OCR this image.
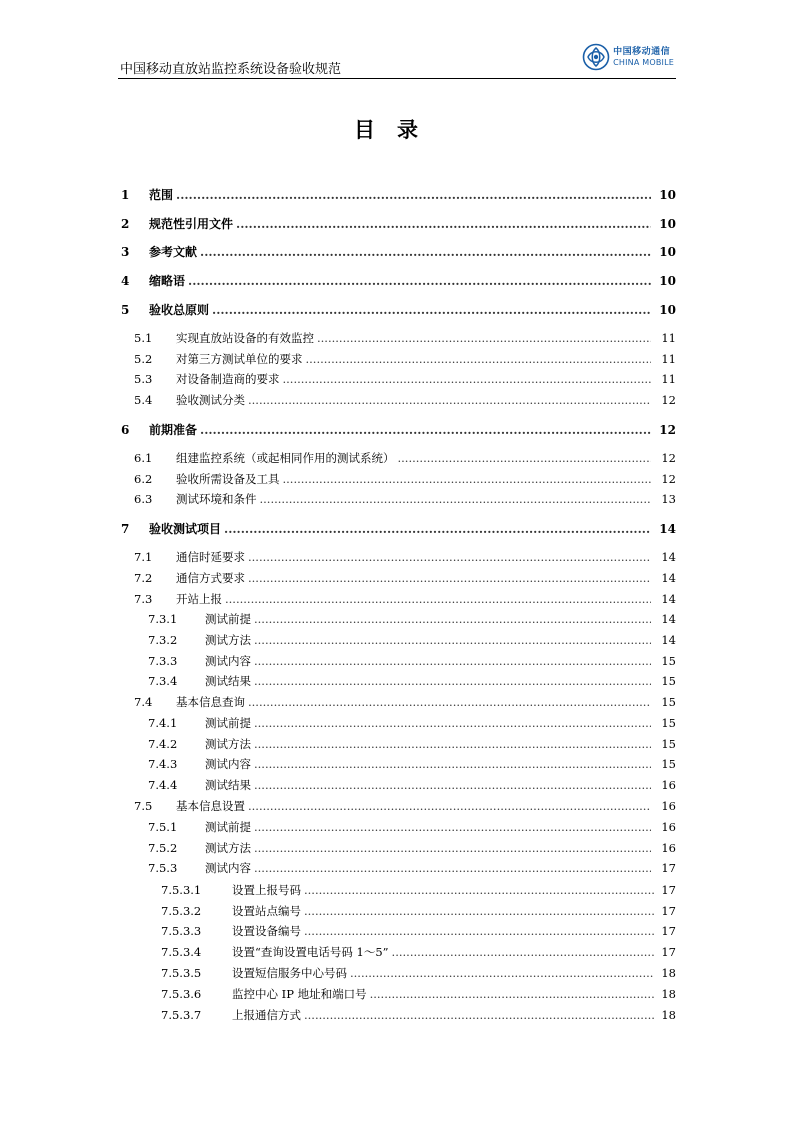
中国移动直放站监控系统设备验收规范
中国移动通信
CHINA MOBILE
目录
1	范围 .....	10
2	规范性引用文件 .....	10
3	参考文献 .....	10
4	缩略语 .....	10
5	验收总原则 .....	10
5.1	实现直放站设备的有效监控 .....	11
5.2	对第三方测试单位的要求 .....	11
5.3	对设备制造商的要求 .....	11
5.4	验收测试分类 .....	12
6	前期准备 .....	12
6.1	组建监控系统（或起相同作用的测试系统） .....	12
6.2	验收所需设备及工具 .....	12
6.3	测试环境和条件 .....	13
7	验收测试项目 .....	14
7.1	通信时延要求 .....	14
7.2	通信方式要求 .....	14
7.3	开站上报 .....	14
7.3.1	测试前提 .....	14
7.3.2	测试方法 .....	14
7.3.3	测试内容 .....	15
7.3.4	测试结果 .....	15
7.4	基本信息查询 .....	15
7.4.1	测试前提 .....	15
7.4.2	测试方法 .....	15
7.4.3	测试内容 .....	15
7.4.4	测试结果 .....	16
7.5	基本信息设置 .....	16
7.5.1	测试前提 .....	16
7.5.2	测试方法 .....	16
7.5.3	测试内容 .....	17
7.5.3.1	设置上报号码 .....	17
7.5.3.2	设置站点编号 .....	17
7.5.3.3	设置设备编号 .....	17
7.5.3.4	设置“查询设置电话号码 1～5” .....	17
7.5.3.5	设置短信服务中心号码 .....	18
7.5.3.6	监控中心 IP 地址和端口号 .....	18
7.5.3.7	上报通信方式 .....	18
